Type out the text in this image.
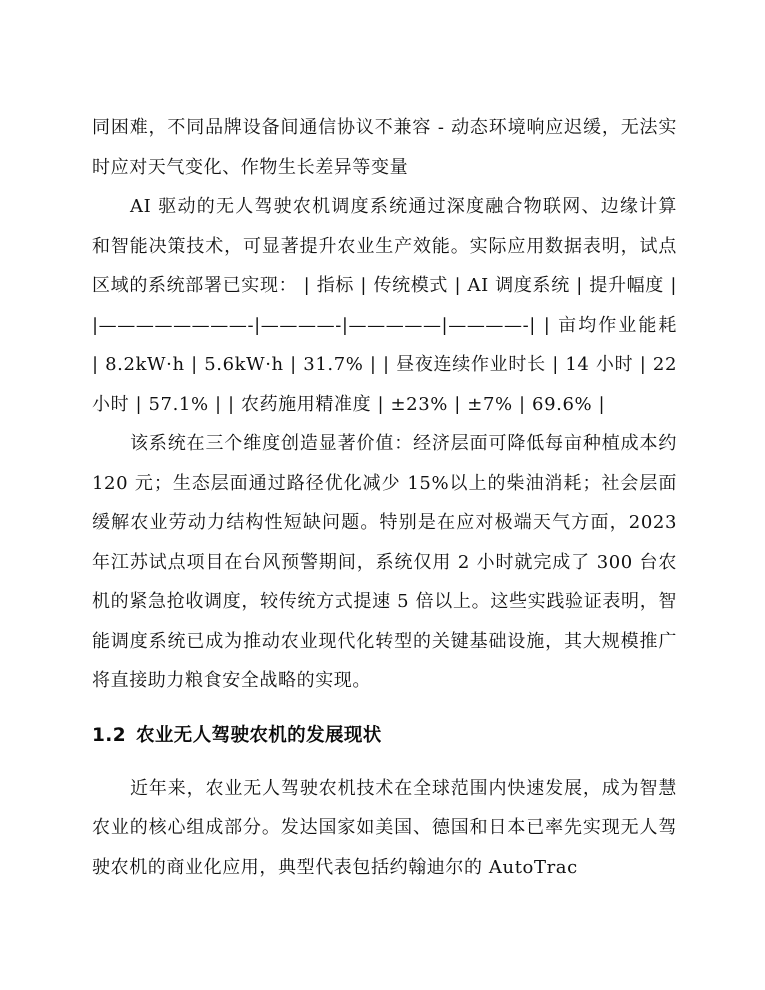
同困难，不同品牌设备间通信协议不兼容 - 动态环境响应迟缓，无法实时应对天气变化、作物生长差异等变量

AI 驱动的无人驾驶农机调度系统通过深度融合物联网、边缘计算和智能决策技术，可显著提升农业生产效能。实际应用数据表明，试点区域的系统部署已实现： | 指标 | 传统模式 | AI 调度系统 | 提升幅度 | |————————-|————-|—————|————-| | 亩均作业能耗 | 8.2kW·h | 5.6kW·h | 31.7% | | 昼夜连续作业时长 | 14 小时 | 22 小时 | 57.1% | | 农药施用精准度 | ±23% | ±7% | 69.6% |

该系统在三个维度创造显著价值：经济层面可降低每亩种植成本约 120 元；生态层面通过路径优化减少 15%以上的柴油消耗；社会层面缓解农业劳动力结构性短缺问题。特别是在应对极端天气方面，2023 年江苏试点项目在台风预警期间，系统仅用 2 小时就完成了 300 台农机的紧急抢收调度，较传统方式提速 5 倍以上。这些实践验证表明，智能调度系统已成为推动农业现代化转型的关键基础设施，其大规模推广将直接助力粮食安全战略的实现。

1.2 农业无人驾驶农机的发展现状

近年来，农业无人驾驶农机技术在全球范围内快速发展，成为智慧农业的核心组成部分。发达国家如美国、德国和日本已率先实现无人驾驶农机的商业化应用，典型代表包括约翰迪尔的 AutoTrac
